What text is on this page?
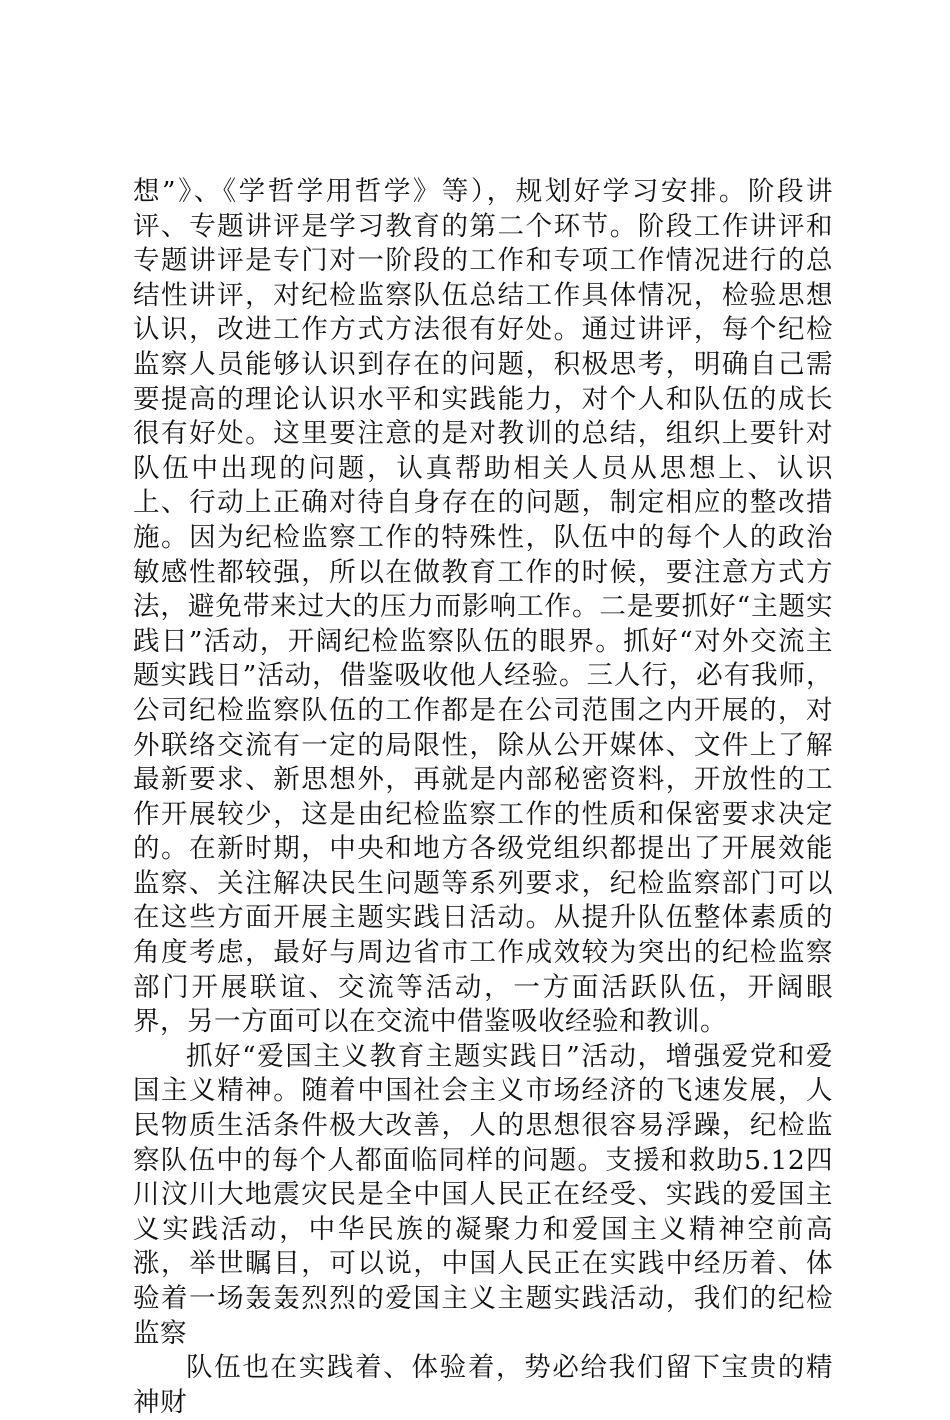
想”》、《学哲学用哲学》等），规划好学习安排。阶段讲评、专题讲评是学习教育的第二个环节。阶段工作讲评和专题讲评是专门对一阶段的工作和专项工作情况进行的总结性讲评，对纪检监察队伍总结工作具体情况，检验思想认识，改进工作方式方法很有好处。通过讲评，每个纪检监察人员能够认识到存在的问题，积极思考，明确自己需要提高的理论认识水平和实践能力，对个人和队伍的成长很有好处。这里要注意的是对教训的总结，组织上要针对队伍中出现的问题，认真帮助相关人员从思想上、认识上、行动上正确对待自身存在的问题，制定相应的整改措施。因为纪检监察工作的特殊性，队伍中的每个人的政治敏感性都较强，所以在做教育工作的时候，要注意方式方法，避免带来过大的压力而影响工作。二是要抓好“主题实践日”活动，开阔纪检监察队伍的眼界。抓好“对外交流主题实践日”活动，借鉴吸收他人经验。三人行，必有我师，公司纪检监察队伍的工作都是在公司范围之内开展的，对外联络交流有一定的局限性，除从公开媒体、文件上了解最新要求、新思想外，再就是内部秘密资料，开放性的工作开展较少，这是由纪检监察工作的性质和保密要求决定的。在新时期，中央和地方各级党组织都提出了开展效能监察、关注解决民生问题等系列要求，纪检监察部门可以在这些方面开展主题实践日活动。从提升队伍整体素质的角度考虑，最好与周边省市工作成效较为突出的纪检监察部门开展联谊、交流等活动，一方面活跃队伍，开阔眼界，另一方面可以在交流中借鉴吸收经验和教训。

抓好“爱国主义教育主题实践日”活动，增强爱党和爱国主义精神。随着中国社会主义市场经济的飞速发展，人民物质生活条件极大改善，人的思想很容易浮躁，纪检监察队伍中的每个人都面临同样的问题。支援和救助5.12四川汶川大地震灾民是全中国人民正在经受、实践的爱国主义实践活动，中华民族的凝聚力和爱国主义精神空前高涨，举世瞩目，可以说，中国人民正在实践中经历着、体验着一场轰轰烈烈的爱国主义主题实践活动，我们的纪检监察

队伍也在实践着、体验着，势必给我们留下宝贵的精神财
